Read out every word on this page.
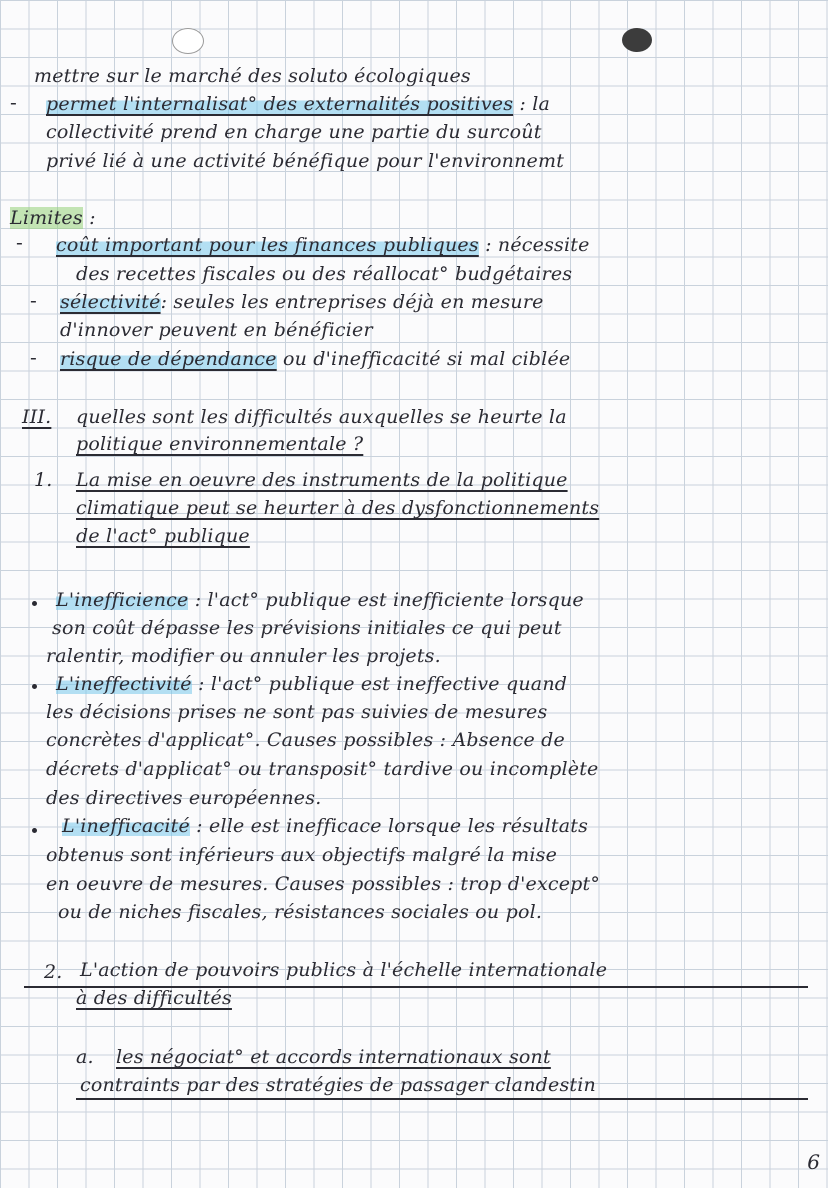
mettre sur le marché des soluto écologiques
- permet l'internalisat° des externalités positives : la
collectivité prend en charge une partie du surcoût
privé lié à une activité bénéfique pour l'environnemt
Limites :
- coût important pour les finances publiques : nécessite
des recettes fiscales ou des réallocat° budgétaires
- sélectivité: seules les entreprises déjà en mesure
d'innover peuvent en bénéficier
- risque de dépendance ou d'inefficacité si mal ciblée
III. quelles sont les difficultés auxquelles se heurte la
politique environnementale ?
1. La mise en oeuvre des instruments de la politique
climatique peut se heurter à des dysfonctionnements
de l'act° publique
L'inefficience : l'act° publique est inefficiente lorsque
son coût dépasse les prévisions initiales ce qui peut
ralentir, modifier ou annuler les projets.
L'ineffectivité : l'act° publique est ineffective quand
les décisions prises ne sont pas suivies de mesures
concrètes d'applicat°. Causes possibles : Absence de
décrets d'applicat° ou transposit° tardive ou incomplète
des directives européennes.
L'inefficacité : elle est inefficace lorsque les résultats
obtenus sont inférieurs aux objectifs malgré la mise
en oeuvre de mesures. Causes possibles : trop d'except°
ou de niches fiscales, résistances sociales ou pol.
2. L'action de pouvoirs publics à l'échelle internationale
à des difficultés
a. les négociat° et accords internationaux sont
contraints par des stratégies de passager clandestin
6
